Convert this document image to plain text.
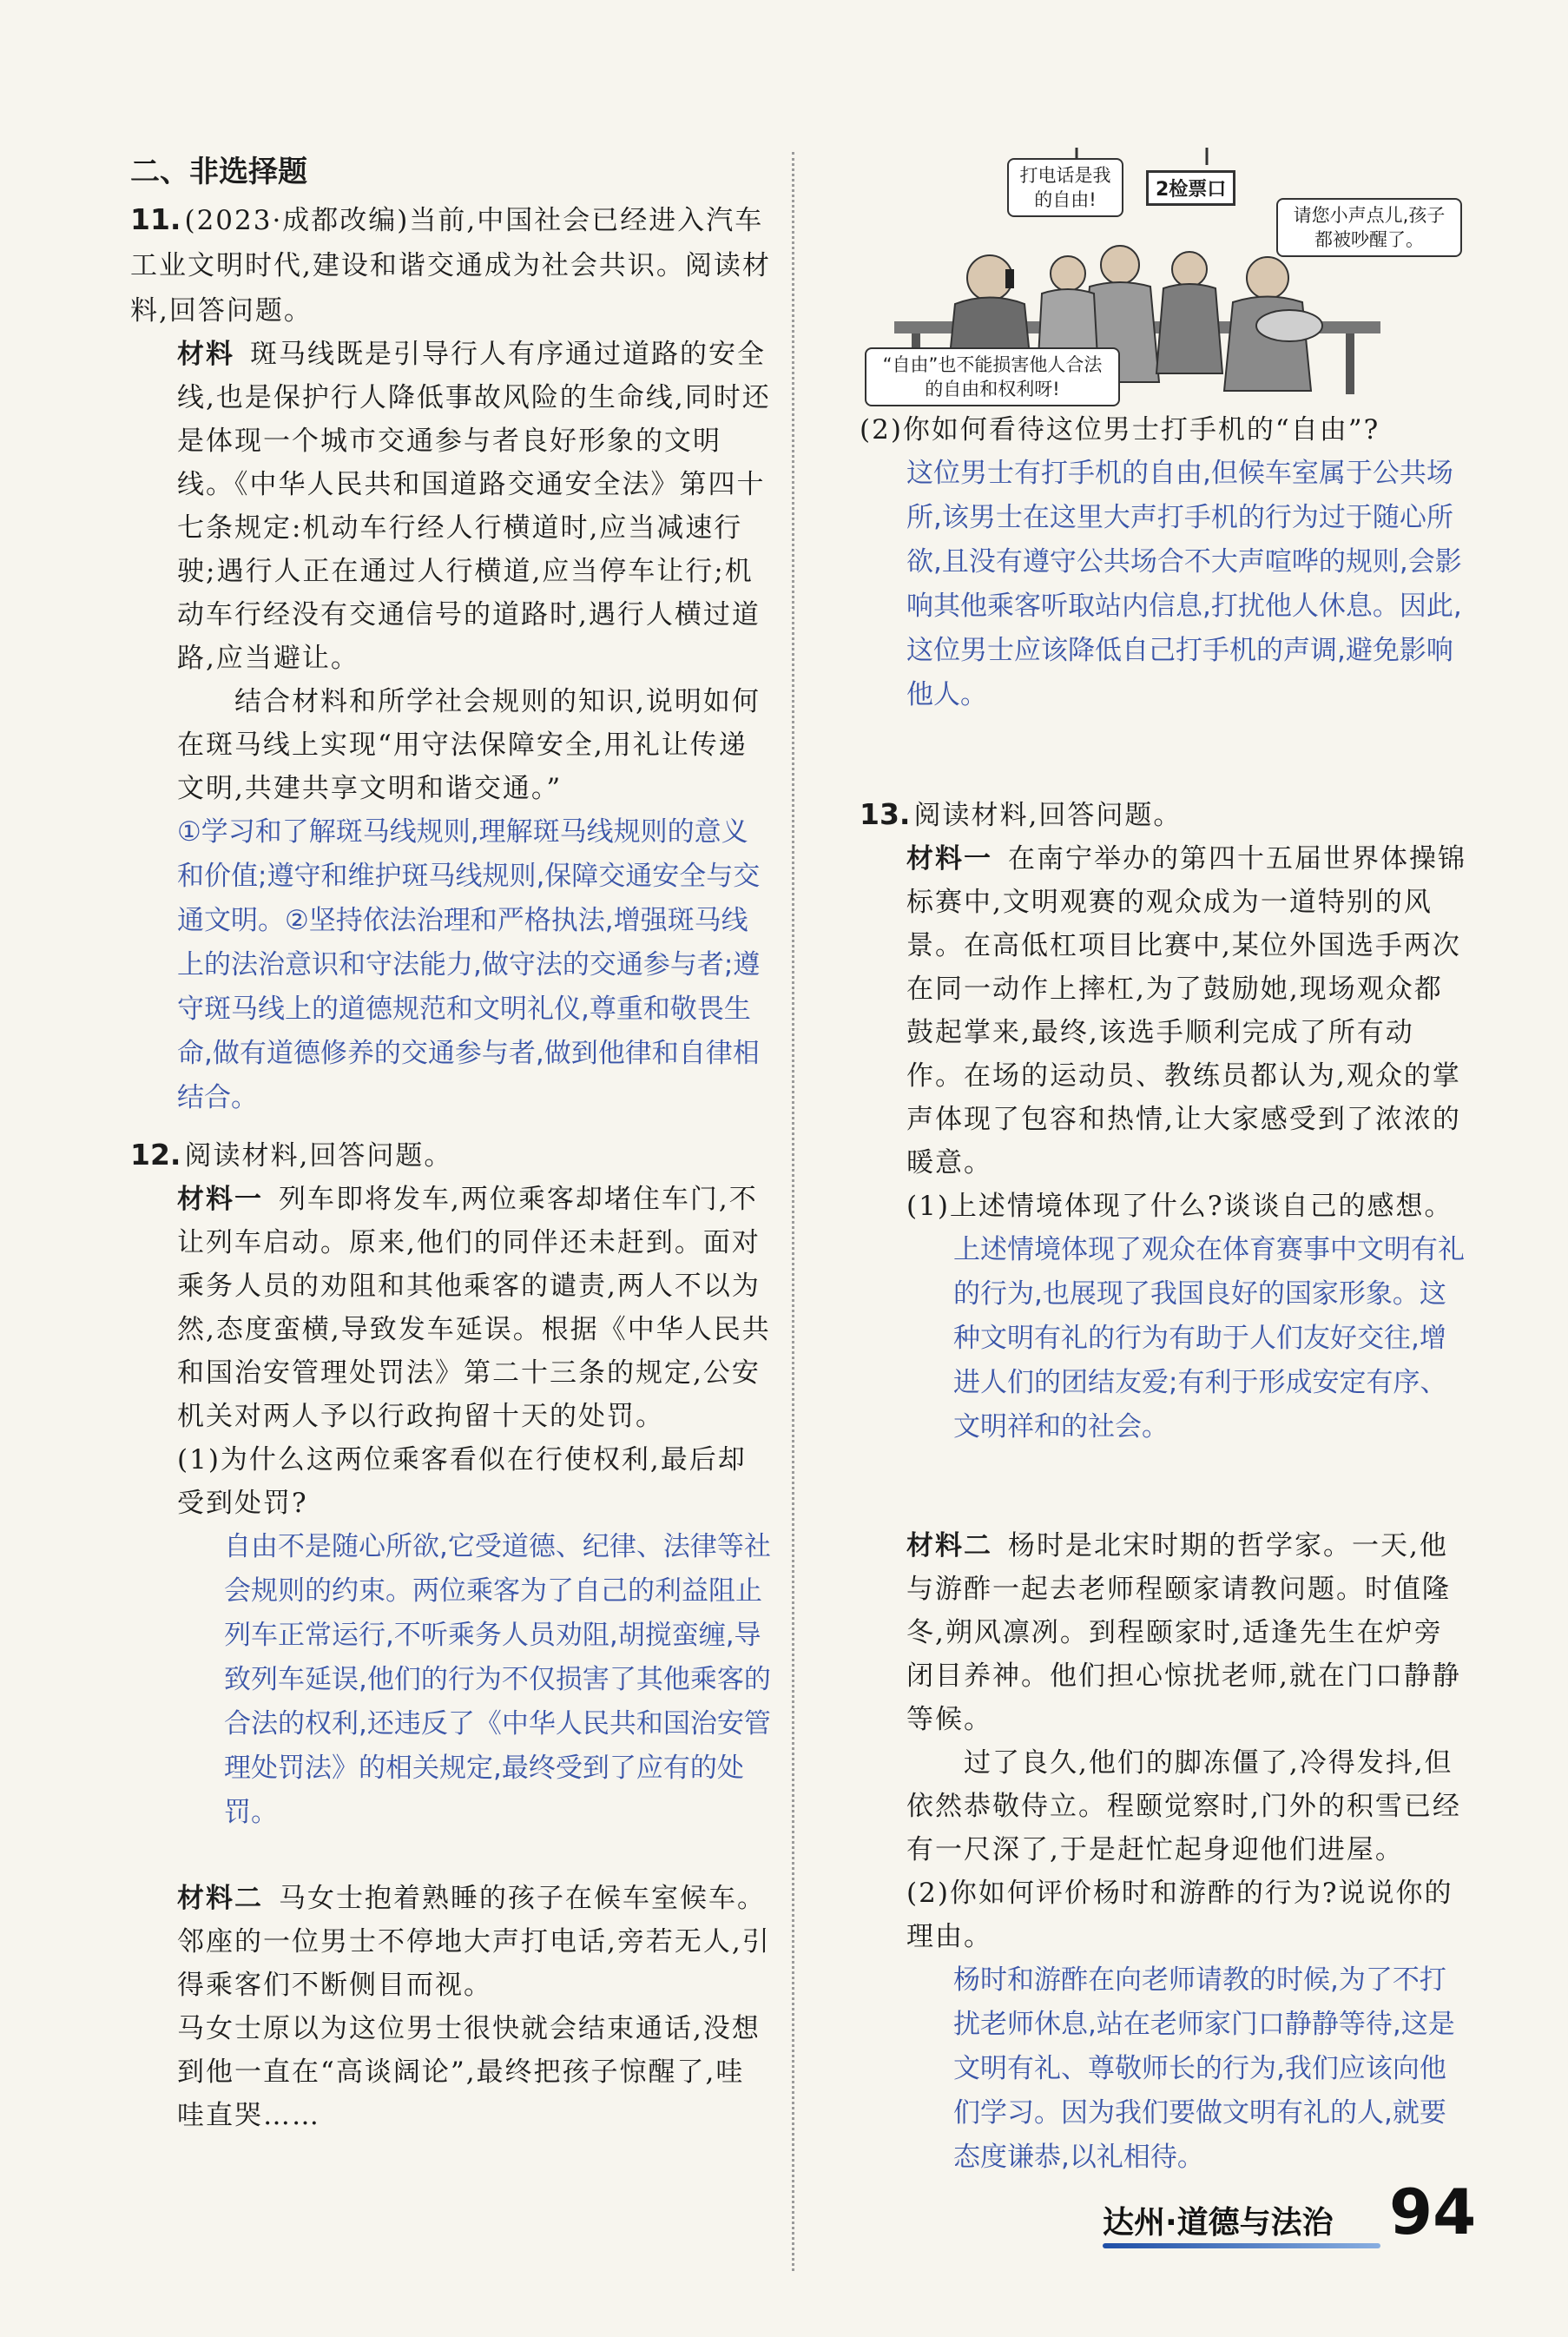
二、非选择题

11. (2023·成都改编)当前,中国社会已经进入汽车工业文明时代,建设和谐交通成为社会共识。阅读材料,回答问题。

材料 斑马线既是引导行人有序通过道路的安全线,也是保护行人降低事故风险的生命线,同时还是体现一个城市交通参与者良好形象的文明线。《中华人民共和国道路交通安全法》第四十七条规定:机动车行经人行横道时,应当减速行驶;遇行人正在通过人行横道,应当停车让行;机动车行经没有交通信号的道路时,遇行人横过道路,应当避让。

结合材料和所学社会规则的知识,说明如何在斑马线上实现“用守法保障安全,用礼让传递文明,共建共享文明和谐交通。”

①学习和了解斑马线规则,理解斑马线规则的意义和价值;遵守和维护斑马线规则,保障交通安全与交通文明。②坚持依法治理和严格执法,增强斑马线上的法治意识和守法能力,做守法的交通参与者;遵守斑马线上的道德规范和文明礼仪,尊重和敬畏生命,做有道德修养的交通参与者,做到他律和自律相结合。

12. 阅读材料,回答问题。

材料一 列车即将发车,两位乘客却堵住车门,不让列车启动。原来,他们的同伴还未赶到。面对乘务人员的劝阻和其他乘客的谴责,两人不以为然,态度蛮横,导致发车延误。根据《中华人民共和国治安管理处罚法》第二十三条的规定,公安机关对两人予以行政拘留十天的处罚。

(1)为什么这两位乘客看似在行使权利,最后却受到处罚?

自由不是随心所欲,它受道德、纪律、法律等社会规则的约束。两位乘客为了自己的利益阻止列车正常运行,不听乘务人员劝阻,胡搅蛮缠,导致列车延误,他们的行为不仅损害了其他乘客的合法的权利,还违反了《中华人民共和国治安管理处罚法》的相关规定,最终受到了应有的处罚。

材料二 马女士抱着熟睡的孩子在候车室候车。邻座的一位男士不停地大声打电话,旁若无人,引得乘客们不断侧目而视。

马女士原以为这位男士很快就会结束通话,没想到他一直在“高谈阔论”,最终把孩子惊醒了,哇哇直哭……

打电话是我的自由!	2检票口
请您小声点儿,孩子都被吵醒了。
“自由”也不能损害他人合法的自由和权利呀!

(2)你如何看待这位男士打手机的“自由”?

这位男士有打手机的自由,但候车室属于公共场所,该男士在这里大声打手机的行为过于随心所欲,且没有遵守公共场合不大声喧哗的规则,会影响其他乘客听取站内信息,打扰他人休息。因此,这位男士应该降低自己打手机的声调,避免影响他人。

13. 阅读材料,回答问题。

材料一 在南宁举办的第四十五届世界体操锦标赛中,文明观赛的观众成为一道特别的风景。在高低杠项目比赛中,某位外国选手两次在同一动作上摔杠,为了鼓励她,现场观众都鼓起掌来,最终,该选手顺利完成了所有动作。在场的运动员、教练员都认为,观众的掌声体现了包容和热情,让大家感受到了浓浓的暖意。

(1)上述情境体现了什么?谈谈自己的感想。

上述情境体现了观众在体育赛事中文明有礼的行为,也展现了我国良好的国家形象。这种文明有礼的行为有助于人们友好交往,增进人们的团结友爱;有利于形成安定有序、文明祥和的社会。

材料二 杨时是北宋时期的哲学家。一天,他与游酢一起去老师程颐家请教问题。时值隆冬,朔风凛冽。到程颐家时,适逢先生在炉旁闭目养神。他们担心惊扰老师,就在门口静静等候。

过了良久,他们的脚冻僵了,冷得发抖,但依然恭敬侍立。程颐觉察时,门外的积雪已经有一尺深了,于是赶忙起身迎他们进屋。

(2)你如何评价杨时和游酢的行为?说说你的理由。

杨时和游酢在向老师请教的时候,为了不打扰老师休息,站在老师家门口静静等待,这是文明有礼、尊敬师长的行为,我们应该向他们学习。因为我们要做文明有礼的人,就要态度谦恭,以礼相待。

达州·道德与法治 94
